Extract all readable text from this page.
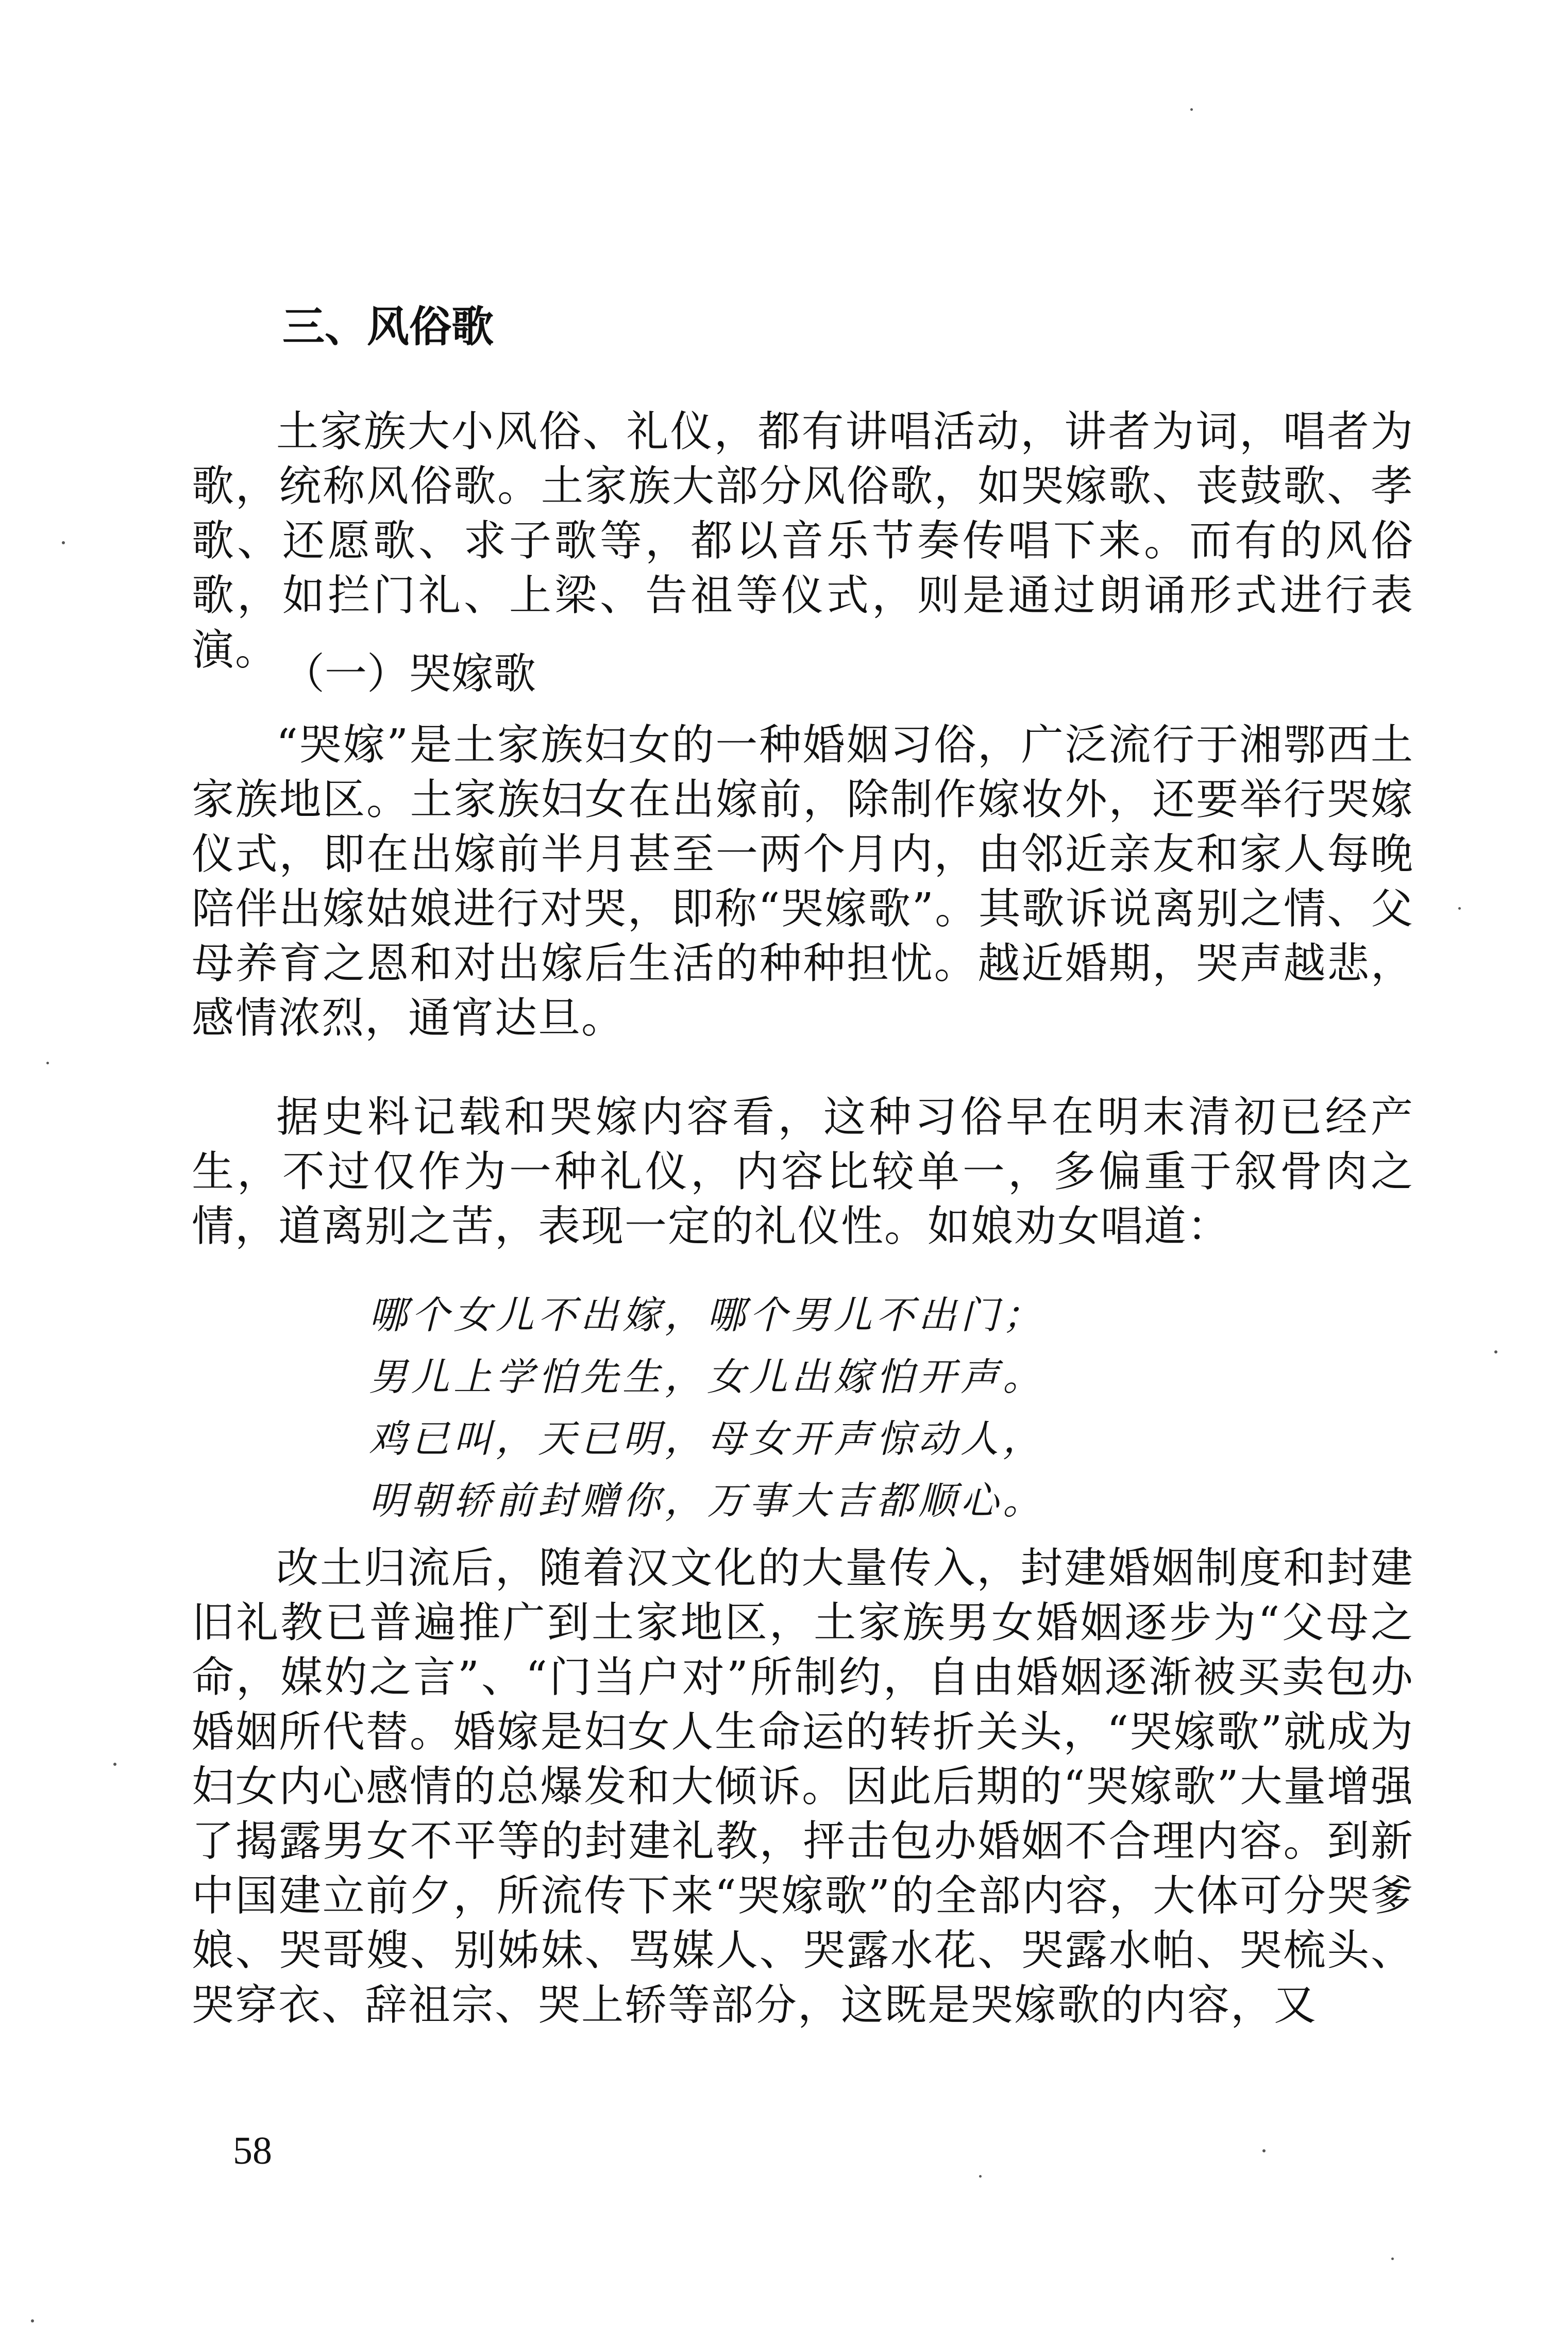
三、风俗歌

土家族大小风俗、礼仪，都有讲唱活动，讲者为词，唱者为歌，统称风俗歌。土家族大部分风俗歌，如哭嫁歌、丧鼓歌、孝歌、还愿歌、求子歌等，都以音乐节奏传唱下来。而有的风俗歌，如拦门礼、上梁、告祖等仪式，则是通过朗诵形式进行表演。 （一）哭嫁歌

“哭嫁”是土家族妇女的一种婚姻习俗，广泛流行于湘鄂西土家族地区。土家族妇女在出嫁前，除制作嫁妆外，还要举行哭嫁仪式，即在出嫁前半月甚至一两个月内，由邻近亲友和家人每晚陪伴出嫁姑娘进行对哭，即称“哭嫁歌”。其歌诉说离别之情、父母养育之恩和对出嫁后生活的种种担忧。越近婚期，哭声越悲，感情浓烈，通宵达旦。

据史料记载和哭嫁内容看，这种习俗早在明末清初已经产生，不过仅作为一种礼仪，内容比较单一，多偏重于叙骨肉之情，道离别之苦，表现一定的礼仪性。如娘劝女唱道：

哪个女儿不出嫁，哪个男儿不出门；
男儿上学怕先生，女儿出嫁怕开声。
鸡已叫，天已明，母女开声惊动人，
明朝轿前封赠你，万事大吉都顺心。

改土归流后，随着汉文化的大量传入，封建婚姻制度和封建旧礼教已普遍推广到土家地区，土家族男女婚姻逐步为“父母之命，媒妁之言”、“门当户对”所制约，自由婚姻逐渐被买卖包办婚姻所代替。婚嫁是妇女人生命运的转折关头，“哭嫁歌”就成为妇女内心感情的总爆发和大倾诉。因此后期的“哭嫁歌”大量增强了揭露男女不平等的封建礼教，抨击包办婚姻不合理内容。到新中国建立前夕，所流传下来“哭嫁歌”的全部内容，大体可分哭爹娘、哭哥嫂、别姊妹、骂媒人、哭露水花、哭露水帕、哭梳头、哭穿衣、辞祖宗、哭上轿等部分，这既是哭嫁歌的内容，又

58
